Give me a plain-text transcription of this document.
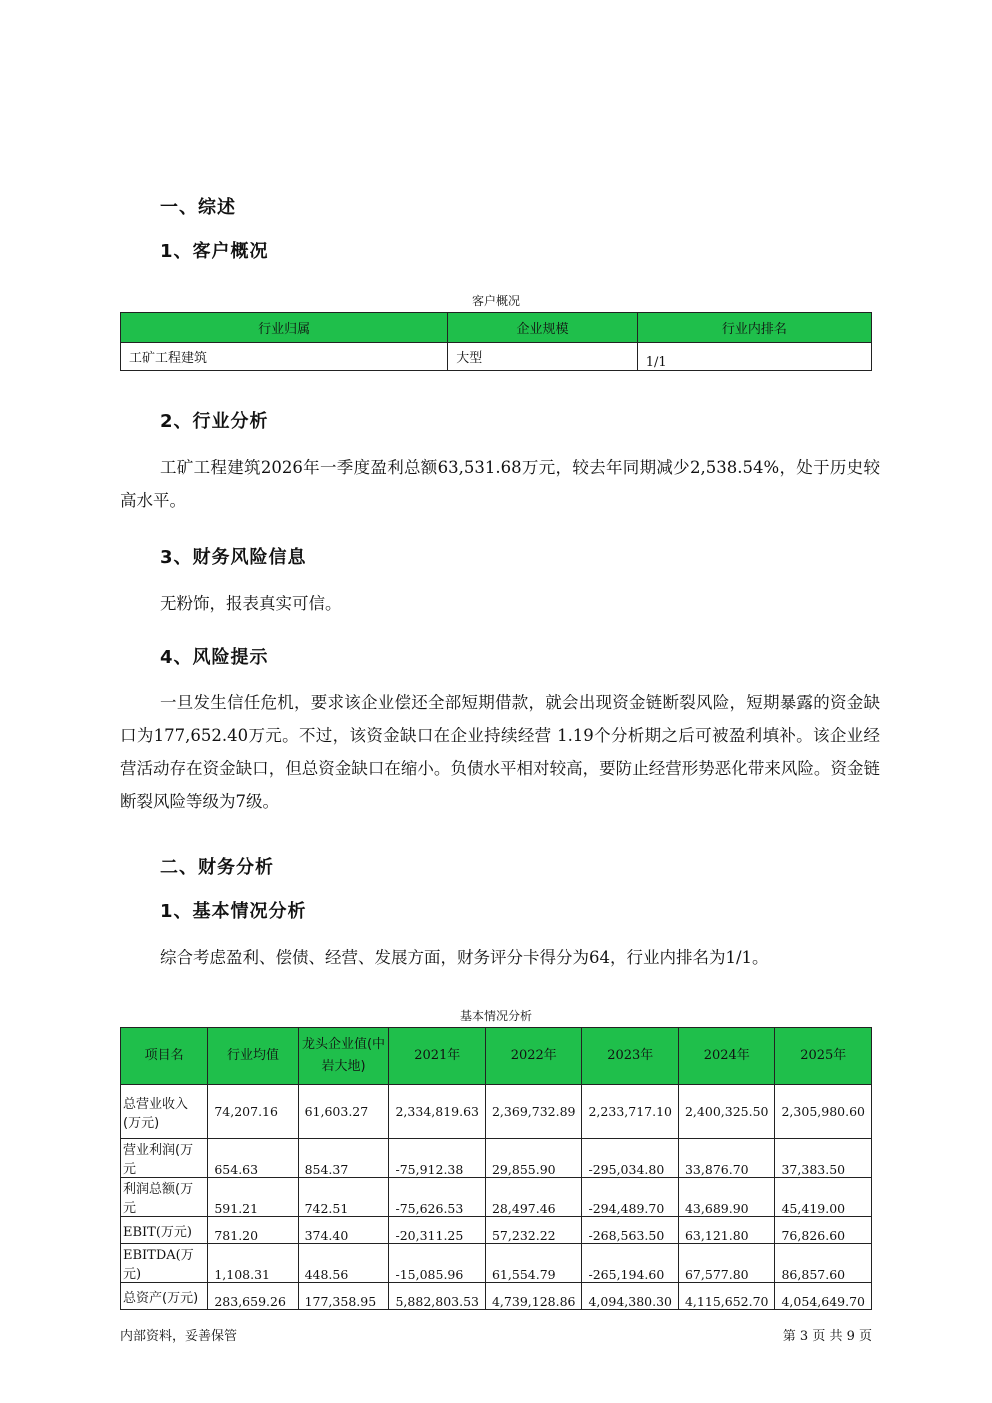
一、综述
1、客户概况
客户概况
行业归属	企业规模	行业内排名
工矿工程建筑	大型	1/1
2、行业分析
工矿工程建筑2026年一季度盈利总额63,531.68万元，较去年同期减少2,538.54%，处于历史较高水平。
3、财务风险信息
无粉饰，报表真实可信。
4、风险提示
一旦发生信任危机，要求该企业偿还全部短期借款，就会出现资金链断裂风险，短期暴露的资金缺口为177,652.40万元。不过，该资金缺口在企业持续经营 1.19个分析期之后可被盈利填补。该企业经营活动存在资金缺口，但总资金缺口在缩小。负债水平相对较高，要防止经营形势恶化带来风险。资金链断裂风险等级为7级。
二、财务分析
1、基本情况分析
综合考虑盈利、偿债、经营、发展方面，财务评分卡得分为64，行业内排名为1/1。
基本情况分析
项目名	行业均值	龙头企业值(中岩大地)	2021年	2022年	2023年	2024年	2025年
总营业收入(万元)	74,207.16	61,603.27	2,334,819.63	2,369,732.89	2,233,717.10	2,400,325.50	2,305,980.60
营业利润(万元	654.63	854.37	-75,912.38	29,855.90	-295,034.80	33,876.70	37,383.50
利润总额(万元	591.21	742.51	-75,626.53	28,497.46	-294,489.70	43,689.90	45,419.00
EBIT(万元)	781.20	374.40	-20,311.25	57,232.22	-268,563.50	63,121.80	76,826.60
EBITDA(万元)	1,108.31	448.56	-15,085.96	61,554.79	-265,194.60	67,577.80	86,857.60
总资产(万元)	283,659.26	177,358.95	5,882,803.53	4,739,128.86	4,094,380.30	4,115,652.70	4,054,649.70
内部资料，妥善保管	第 3 页 共 9 页
